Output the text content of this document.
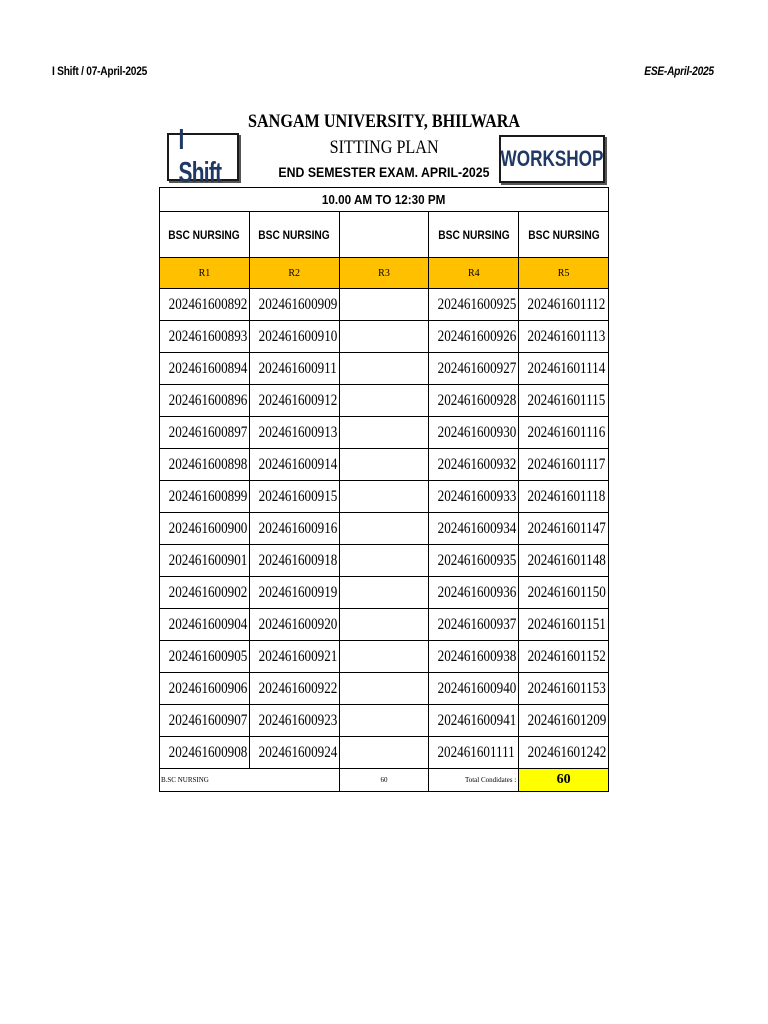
I Shift / 07-April-2025	ESE-April-2025
I Shift	WORKSHOP
SANGAM UNIVERSITY, BHILWARA
SITTING PLAN
END SEMESTER EXAM. APRIL-2025
10.00 AM TO 12:30 PM				
BSC NURSING	BSC NURSING		BSC NURSING	BSC NURSING
R1	R2	R3	R4	R5
202461600892	202461600909		202461600925	202461601112
202461600893	202461600910		202461600926	202461601113
202461600894	202461600911		202461600927	202461601114
202461600896	202461600912		202461600928	202461601115
202461600897	202461600913		202461600930	202461601116
202461600898	202461600914		202461600932	202461601117
202461600899	202461600915		202461600933	202461601118
202461600900	202461600916		202461600934	202461601147
202461600901	202461600918		202461600935	202461601148
202461600902	202461600919		202461600936	202461601150
202461600904	202461600920		202461600937	202461601151
202461600905	202461600921		202461600938	202461601152
202461600906	202461600922		202461600940	202461601153
202461600907	202461600923		202461600941	202461601209
202461600908	202461600924		202461601111	202461601242
B.SC NURSING		60	Total Condidates :	60
